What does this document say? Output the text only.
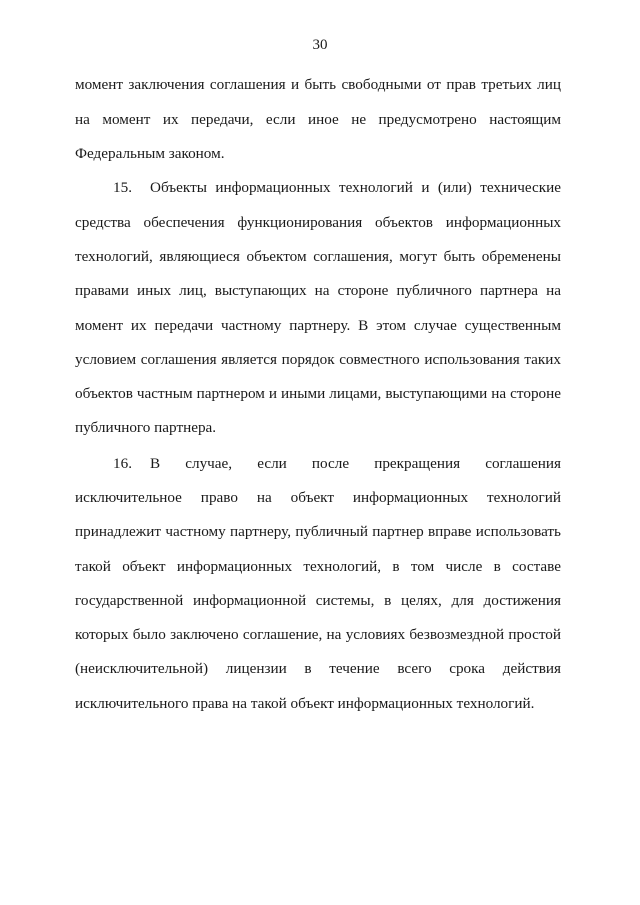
30
момент заключения соглашения и быть свободными от прав третьих лиц
на момент их передачи, если иное не предусмотрено настоящим
Федеральным законом.
15. Объекты информационных технологий и (или) технические
средства обеспечения функционирования объектов информационных
технологий, являющиеся объектом соглашения, могут быть обременены
правами иных лиц, выступающих на стороне публичного партнера на
момент их передачи частному партнеру. В этом случае существенным
условием соглашения является порядок совместного использования таких
объектов частным партнером и иными лицами, выступающими на стороне
публичного партнера.
16. В случае, если после прекращения соглашения
исключительное право на объект информационных технологий
принадлежит частному партнеру, публичный партнер вправе использовать
такой объект информационных технологий, в том числе в составе
государственной информационной системы, в целях, для достижения
которых было заключено соглашение, на условиях безвозмездной простой
(неисключительной) лицензии в течение всего срока действия
исключительного права на такой объект информационных технологий.
